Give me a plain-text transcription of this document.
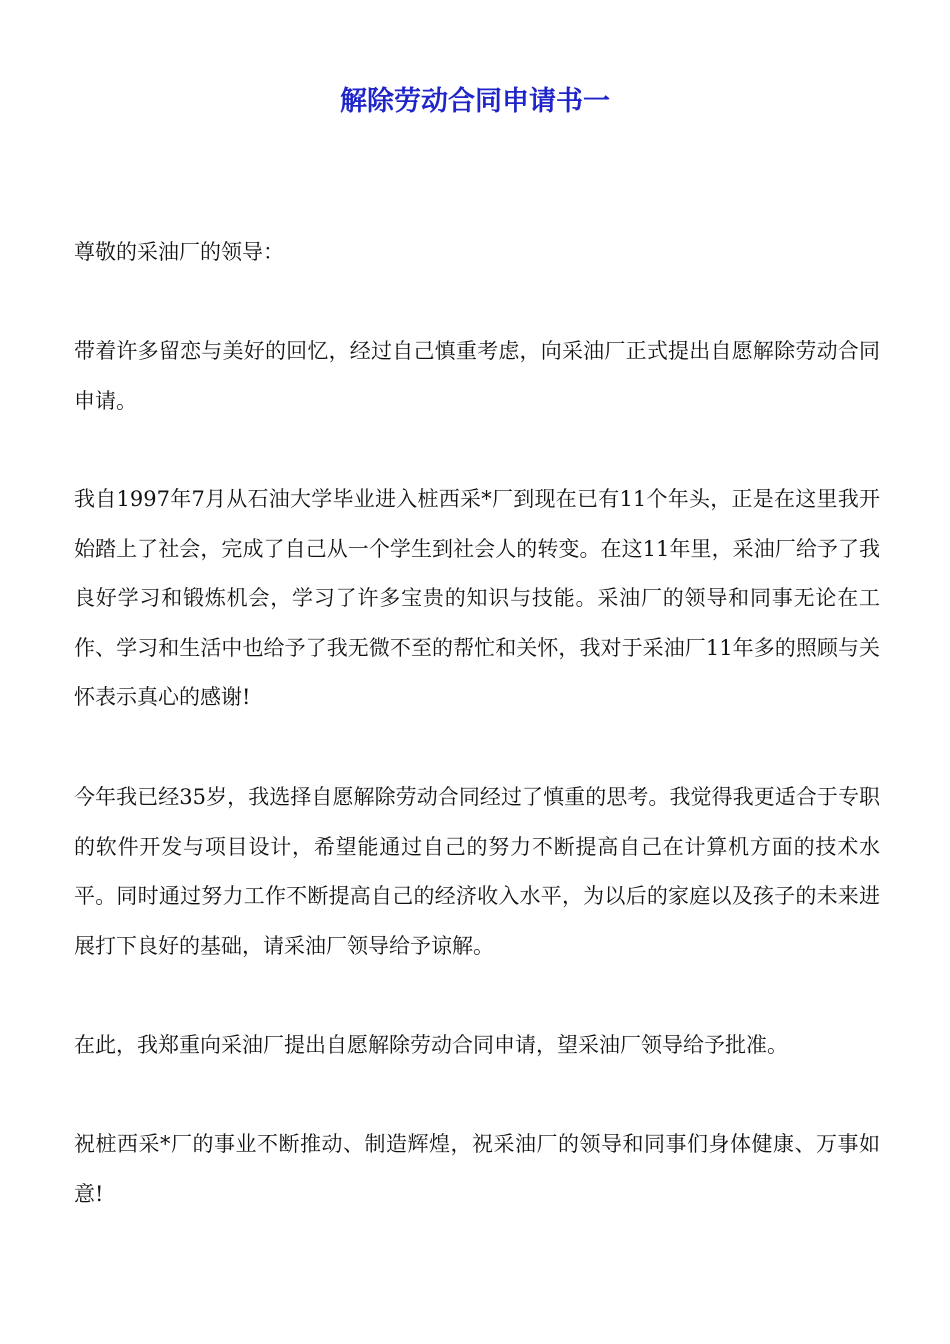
解除劳动合同申请书一

尊敬的采油厂的领导：

带着许多留恋与美好的回忆，经过自己慎重考虑，向采油厂正式提出自愿解除劳动合同申请。

我自1997年7月从石油大学毕业进入桩西采*厂到现在已有11个年头，正是在这里我开始踏上了社会，完成了自己从一个学生到社会人的转变。在这11年里，采油厂给予了我良好学习和锻炼机会，学习了许多宝贵的知识与技能。采油厂的领导和同事无论在工作、学习和生活中也给予了我无微不至的帮忙和关怀，我对于采油厂11年多的照顾与关怀表示真心的感谢!

今年我已经35岁，我选择自愿解除劳动合同经过了慎重的思考。我觉得我更适合于专职的软件开发与项目设计，希望能通过自己的努力不断提高自己在计算机方面的技术水平。同时通过努力工作不断提高自己的经济收入水平，为以后的家庭以及孩子的未来进展打下良好的基础，请采油厂领导给予谅解。

在此，我郑重向采油厂提出自愿解除劳动合同申请，望采油厂领导给予批准。

祝桩西采*厂的事业不断推动、制造辉煌，祝采油厂的领导和同事们身体健康、万事如意!
